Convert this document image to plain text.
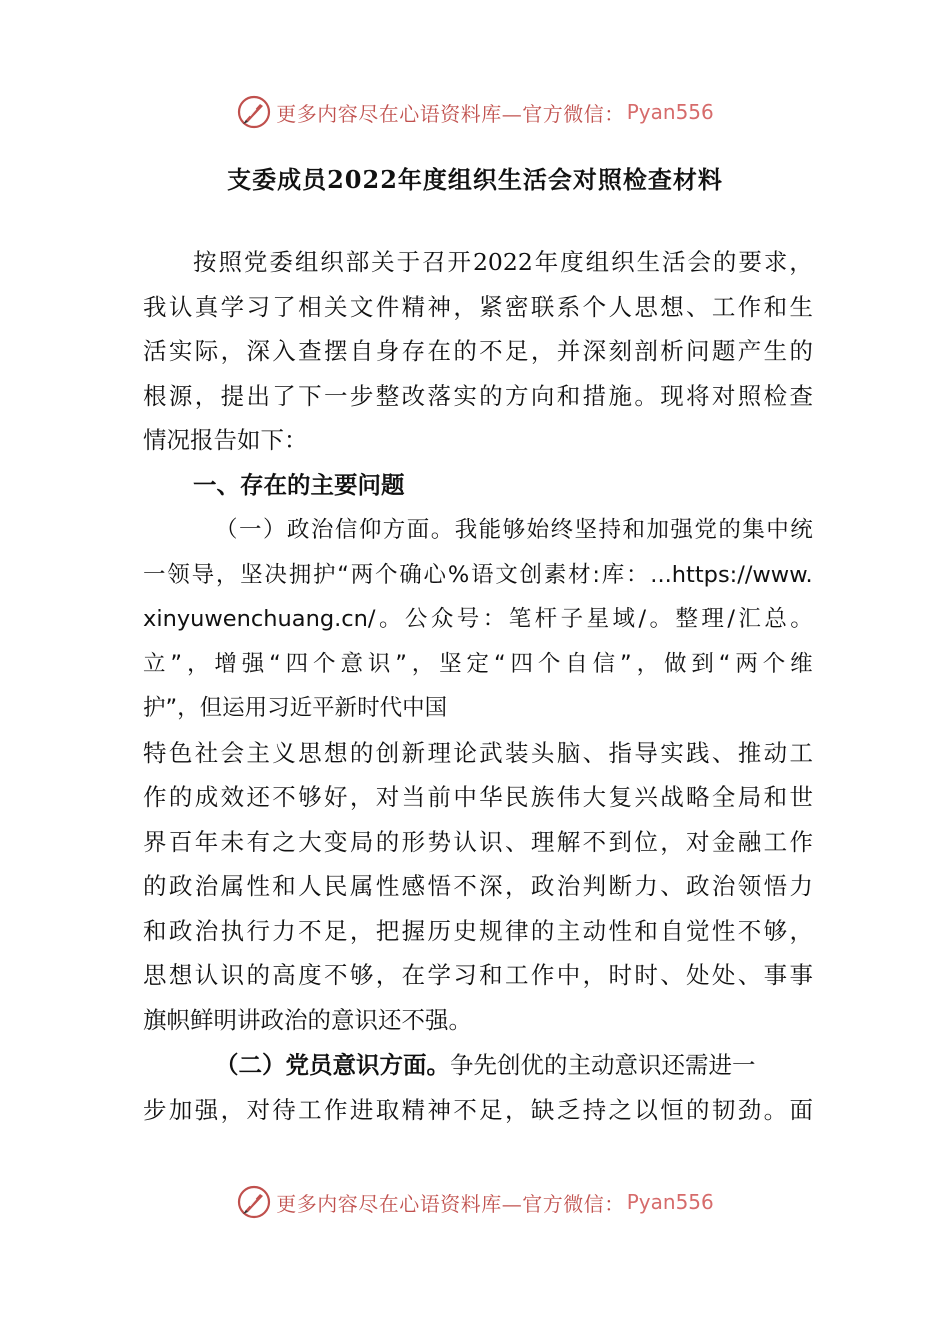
更多内容尽在心语资料库—官方微信： Pyan556
支委成员2022年度组织生活会对照检查材料
按 照 党 委 组 织 部 关 于 召 开 2022 年 度 组 织 生 活 会 的 要 求 ，
我 认 真 学 习 了 相 关 文 件 精 神 ， 紧 密 联 系 个 人 思 想 、 工 作 和 生
活 实 际 ， 深 入 查 摆 自 身 存 在 的 不 足 ， 并 深 刻 剖 析 问 题 产 生 的
根 源 ， 提 出 了 下 一 步 整 改 落 实 的 方 向 和 措 施 。 现 将 对 照 检 查
情况报告如下：
一、存在的主要问题
（ 一 ） 政 治 信 仰 方 面 。 我 能 够 始 终 坚 持 和 加 强 党 的 集 中 统
一 领 导 ， 坚 决 拥 护 “ 两 个 确 心 % 语 文 创 素 材 : 库 ： ...https://www.
xinyuwenchuang.cn/ 。 公 众 号 ： 笔 杆 子 星 域 / 。 整 理 / 汇 总 。
立 ” ， 增 强 “ 四 个 意 识 ” ， 坚 定 “ 四 个 自 信 ” ， 做 到 “ 两 个 维
护”，但运用习近平新时代中国
特 色 社 会 主 义 思 想 的 创 新 理 论 武 装 头 脑 、 指 导 实 践 、 推 动 工
作 的 成 效 还 不 够 好 ， 对 当 前 中 华 民 族 伟 大 复 兴 战 略 全 局 和 世
界 百 年 未 有 之 大 变 局 的 形 势 认 识 、 理 解 不 到 位 ， 对 金 融 工 作
的 政 治 属 性 和 人 民 属 性 感 悟 不 深 ， 政 治 判 断 力 、 政 治 领 悟 力
和 政 治 执 行 力 不 足 ， 把 握 历 史 规 律 的 主 动 性 和 自 觉 性 不 够 ，
思 想 认 识 的 高 度 不 够 ， 在 学 习 和 工 作 中 ， 时 时 、 处 处 、 事 事
旗帜鲜明讲政治的意识还不强。
（二）党员意识方面。 争先创优的主动意识还需进一
步 加 强 ， 对 待 工 作 进 取 精 神 不 足 ， 缺 乏 持 之 以 恒 的 韧 劲 。 面
更多内容尽在心语资料库—官方微信： Pyan556
